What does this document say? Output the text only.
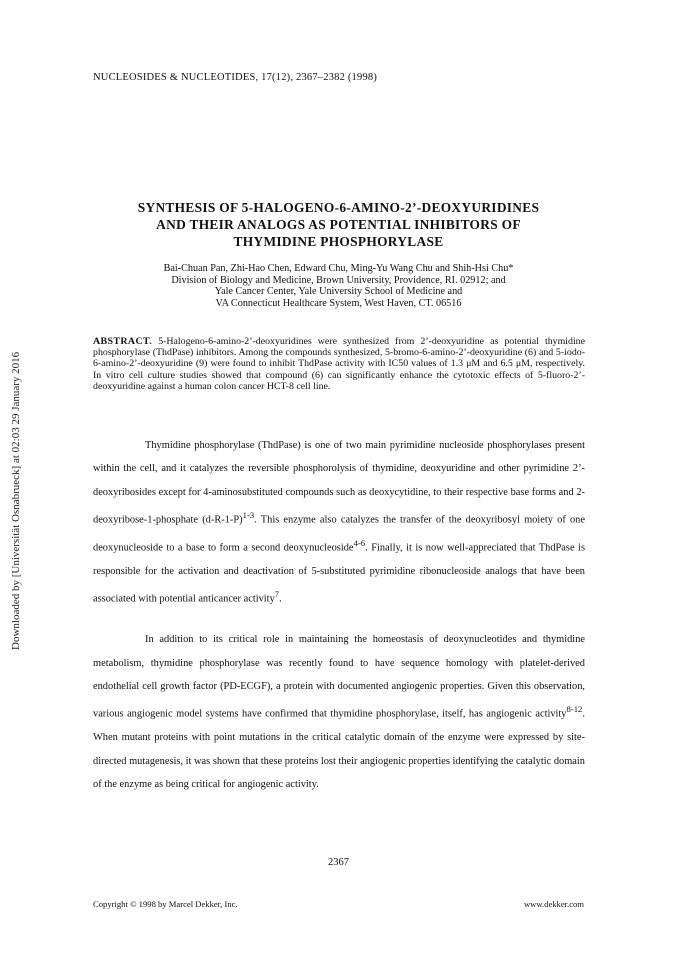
NUCLEOSIDES & NUCLEOTIDES, 17(12), 2367–2382 (1998)
Downloaded by [Universität Osnabrueck] at 02:03 29 January 2016
SYNTHESIS OF 5-HALOGENO-6-AMINO-2’-DEOXYURIDINES
AND THEIR ANALOGS AS POTENTIAL INHIBITORS OF
THYMIDINE PHOSPHORYLASE
Bai-Chuan Pan, Zhi-Hao Chen, Edward Chu, Ming-Yu Wang Chu and Shih-Hsi Chu*
Division of Biology and Medicine, Brown University, Providence, RI. 02912; and
Yale Cancer Center, Yale University School of Medicine and
VA Connecticut Healthcare System, West Haven, CT. 06516
ABSTRACT. 5-Halogeno-6-amino-2’-deoxyuridines were synthesized from 2’-deoxyuridine as potential thymidine phosphorylase (ThdPase) inhibitors. Among the compounds synthesized, 5-bromo-6-amino-2’-deoxyuridine (6) and 5-iodo-6-amino-2’-deoxyuridine (9) were found to inhibit ThdPase activity with IC50 values of 1.3 μM and 6.5 μM, respectively. In vitro cell culture studies showed that compound (6) can significantly enhance the cytotoxic effects of 5-fluoro-2’-deoxyuridine against a human colon cancer HCT-8 cell line.

Thymidine phosphorylase (ThdPase) is one of two main pyrimidine nucleoside phosphorylases present within the cell, and it catalyzes the reversible phosphorolysis of thymidine, deoxyuridine and other pyrimidine 2’-deoxyribosides except for 4-aminosubstituted compounds such as deoxycytidine, to their respective base forms and 2-deoxyribose-1-phosphate $(d-R-1-P)^{1-3}$. This enzyme also catalyzes the transfer of the deoxyribosyl moiety of one deoxynucleoside to a base to form a second deoxynucleoside$^{4-6}$. Finally, it is now well-appreciated that ThdPase is responsible for the activation and deactivation of 5-substituted pyrimidine ribonucleoside analogs that have been associated with potential anticancer activity$^7$.

In addition to its critical role in maintaining the homeostasis of deoxynucleotides and thymidine metabolism, thymidine phosphorylase was recently found to have sequence homology with platelet-derived endothelial cell growth factor (PD-ECGF), a protein with documented angiogenic properties. Given this observation, various angiogenic model systems have confirmed that thymidine phosphorylase, itself, has angiogenic activity$^{8-12}$. When mutant proteins with point mutations in the critical catalytic domain of the enzyme were expressed by site-directed mutagenesis, it was shown that these proteins lost their angiogenic properties identifying the catalytic domain of the enzyme as being critical for angiogenic activity.

2367
Copyright © 1998 by Marcel Dekker, Inc.	www.dekker.com
